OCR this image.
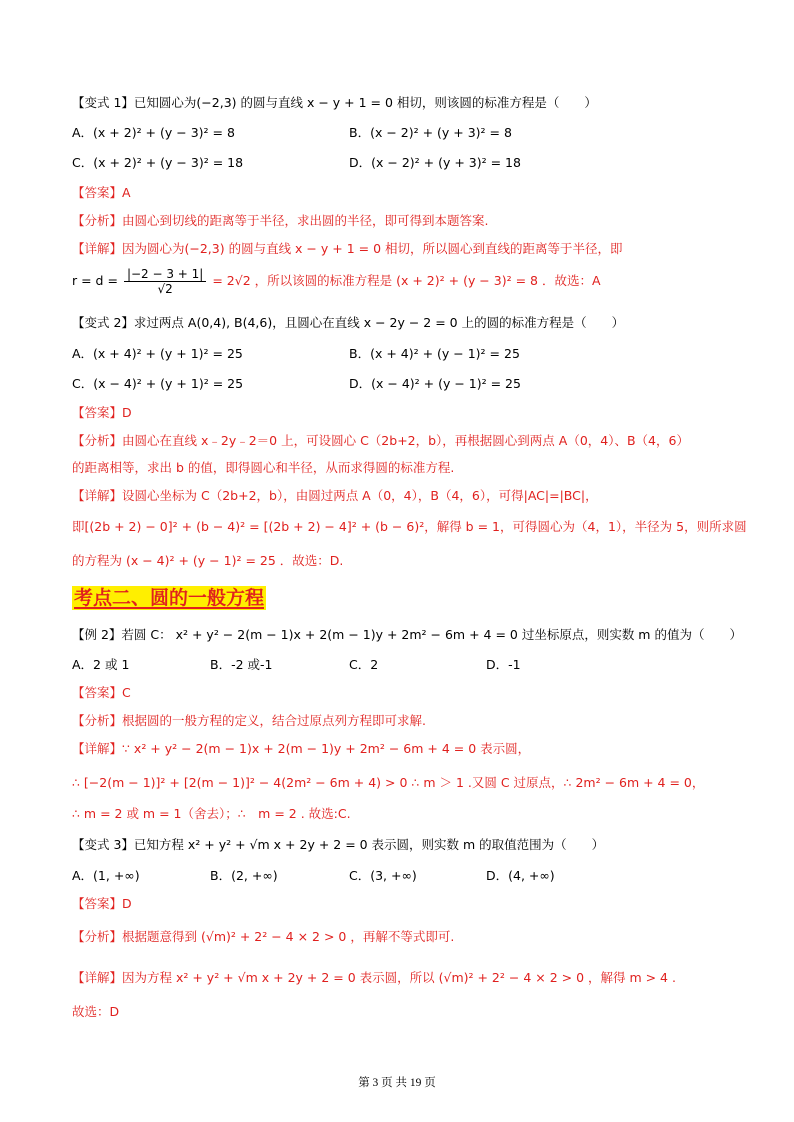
【变式 1】已知圆心为(−2,3) 的圆与直线 x − y + 1 = 0 相切，则该圆的标准方程是（　　）
A．(x + 2)² + (y − 3)² = 8	B．(x − 2)² + (y + 3)² = 8
C．(x + 2)² + (y − 3)² = 18	D．(x − 2)² + (y + 3)² = 18
【答案】A
【分析】由圆心到切线的距离等于半径，求出圆的半径，即可得到本题答案.
【详解】因为圆心为(−2,3) 的圆与直线 x − y + 1 = 0 相切，所以圆心到直线的距离等于半径，即
$r = d = \frac{|-2 - 3 + 1|}{√2} = 2√2$ ，所以该圆的标准方程是 (x + 2)² + (y − 3)² = 8 ．故选：A
【变式 2】求过两点 A(0,4), B(4,6)，且圆心在直线 x − 2y − 2 = 0 上的圆的标准方程是（　　）
A．(x + 4)² + (y + 1)² = 25	B．(x + 4)² + (y − 1)² = 25
C．(x − 4)² + (y + 1)² = 25	D．(x − 4)² + (y − 1)² = 25
【答案】D
【分析】由圆心在直线 x﹣2y﹣2＝0 上，可设圆心 C（2b+2，b），再根据圆心到两点 A（0，4）、B（4，6）
的距离相等，求出 b 的值，即得圆心和半径，从而求得圆的标准方程.
【详解】设圆心坐标为 C（2b+2，b），由圆过两点 A（0，4），B（4，6），可得|AC|=|BC|，
即[(2b + 2) − 0]² + (b − 4)² = [(2b + 2) − 4]² + (b − 6)²，解得 b = 1，可得圆心为（4，1），半径为 5，则所求圆
的方程为 (x − 4)² + (y − 1)² = 25 ．故选：D.
考点二、圆的一般方程
【例 2】若圆 C： x² + y² − 2(m − 1)x + 2(m − 1)y + 2m² − 6m + 4 = 0 过坐标原点，则实数 m 的值为（　　）
A．2 或 1	B．-2 或-1	C．2	D．-1
【答案】C
【分析】根据圆的一般方程的定义，结合过原点列方程即可求解.
【详解】∵ x² + y² − 2(m − 1)x + 2(m − 1)y + 2m² − 6m + 4 = 0 表示圆，
∴ [−2(m − 1)]² + [2(m − 1)]² − 4(2m² − 6m + 4) > 0 ∴ m ＞ 1 .又圆 C 过原点，∴ 2m² − 6m + 4 = 0，
∴ m = 2 或 m = 1（舍去）；∴　m = 2 . 故选:C.
【变式 3】已知方程 x² + y² + √m x + 2y + 2 = 0 表示圆，则实数 m 的取值范围为（　　）
A．(1, +∞)	B．(2, +∞)	C．(3, +∞)	D．(4, +∞)
【答案】D
【分析】根据题意得到 (√m)² + 2² − 4 × 2 > 0 ，再解不等式即可.
【详解】因为方程 x² + y² + √m x + 2y + 2 = 0 表示圆，所以 (√m)² + 2² − 4 × 2 > 0 ，解得 m > 4 .
故选：D
第 3 页 共 19 页
